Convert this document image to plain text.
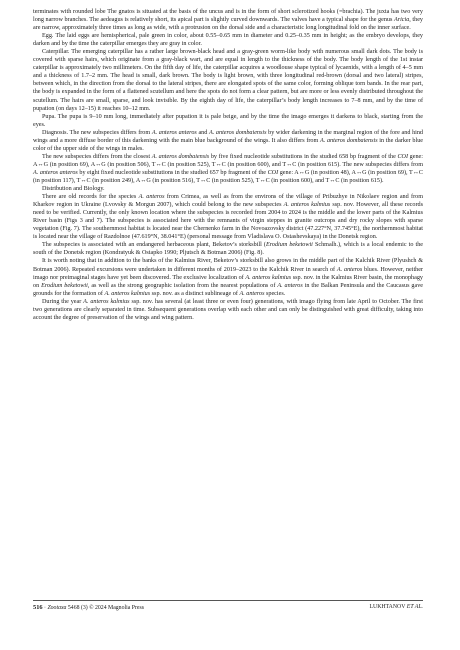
terminates with rounded lobe The gnatos is situated at the basis of the uncus and is in the form of short sclerotized hooks (=brachia). The juxta has two very long narrow branches. The aedeagus is relatively short, its apical part is slightly curved downwards. The valves have a typical shape for the genus Aricia, they are narrow, approximately three times as long as wide, with a protrusion on the dorsal side and a characteristic long longitudinal fold on the inner surface.

Egg. The laid eggs are hemispherical, pale green in color, about 0.55–0.65 mm in diameter and 0.25–0.35 mm in height; as the embryo develops, they darken and by the time the caterpillar emerges they are gray in color.

Caterpillar. The emerging caterpillar has a rather large brown-black head and a gray-green worm-like body with numerous small dark dots. The body is covered with sparse hairs, which originate from a gray-black wart, and are equal in length to the thickness of the body. The body length of the 1st instar caterpillar is approximately two millimeters. On the fifth day of life, the caterpillar acquires a woodlouse shape typical of lycaenids, with a length of 4–5 mm and a thickness of 1.7–2 mm. The head is small, dark brown. The body is light brown, with three longitudinal red-brown (dorsal and two lateral) stripes, between which, in the direction from the dorsal to the lateral stripes, there are elongated spots of the same color, forming oblique torn bands. In the rear part, the body is expanded in the form of a flattened scutellum and here the spots do not form a clear pattern, but are more or less evenly distributed throughout the scutellum. The hairs are small, sparse, and look invisible. By the eighth day of life, the caterpillar’s body length increases to 7–8 mm, and by the time of pupation (on days 12–15) it reaches 10–12 mm.

Pupa. The pupa is 9–10 mm long, immediately after pupation it is pale beige, and by the time the imago emerges it darkens to black, starting from the eyes.

Diagnosis. The new subspecies differs from A. anteros anteros and A. anteros dombaiensis by wider darkening in the marginal region of the fore and hind wings and a more diffuse border of this darkening with the main blue background of the wings. It also differs from A. anteros dombaiensis in the darker blue color of the upper side of the wings in males.

The new subspecies differs from the closest A. anteros dombaiensis by five fixed nucleotide substitutions in the studied 658 bp fragment of the COI gene: A↔G (in position 69), A↔G (in position 506), T↔C (in position 525), T↔C (in position 600), and T↔C (in position 615). The new subspecies differs from A. anteros anteros by eight fixed nucleotide substitutions in the studied 657 bp fragment of the COI gene: A↔G (in position 48), A↔G (in position 69), T↔C (in position 117), T↔C (in position 249), A↔G (in position 516), T↔C (in position 525), T↔C (in position 600), and T↔C (in position 615).

Distribution and Biology.

There are old records for the species A. anteros from Crimea, as well as from the environs of the village of Pribuzhye in Nikolaev region and from Kharkov region in Ukraine (Lvovsky & Morgun 2007), which could belong to the new subspecies A. anteros kalmius ssp. nov. However, all these records need to be verified. Currently, the only known location where the subspecies is recorded from 2004 to 2024 is the middle and the lower parts of the Kalmius River basin (Figs 3 and 7). The subspecies is associated here with the remnants of virgin steppes in granite outcrops and dry rocky slopes with sparse vegetation (Fig. 7). The southernmost habitat is located near the Chernenko farm in the Novoazovsky district (47.227°N, 37.745°E), the northernmost habitat is located near the village of Razdolnoe (47.619°N, 38.041°E) (personal message from Vladislava O. Ostashevskaya) in the Donetsk region.

The subspecies is associated with an endangered herbaceous plant, Beketov’s storksbill (Erodium beketowii Schmalh.), which is a local endemic to the south of the Donetsk region (Kondratyuk & Ostapko 1990; Pljutsch & Botman 2006) (Fig. 8).

It is worth noting that in addition to the banks of the Kalmius River, Beketov’s storksbill also grows in the middle part of the Kalchik River (Plyushch & Botman 2006). Repeated excursions were undertaken in different months of 2019–2023 to the Kalchik River in search of A. anteros blues. However, neither imago nor preimaginal stages have yet been discovered. The exclusive localization of A. anteros kalmius ssp. nov. in the Kalmius River basin, the monophagy on Erodium beketowii, as well as the strong geographic isolation from the nearest populations of A. anteros in the Balkan Peninsula and the Caucasus gave grounds for the formation of A. anteros kalmius ssp. nov. as a distinct sublineage of A. anteros species.

During the year A. anteros kalmius ssp. nov. has several (at least three or even four) generations, with imago flying from late April to October. The first two generations are clearly separated in time. Subsequent generations overlap with each other and can only be distinguished with great difficulty, taking into account the degree of preservation of the wings and wing pattern.

516 · Zootaxa 5468 (3) © 2024 Magnolia Press	LUKHTANOV ET AL.
